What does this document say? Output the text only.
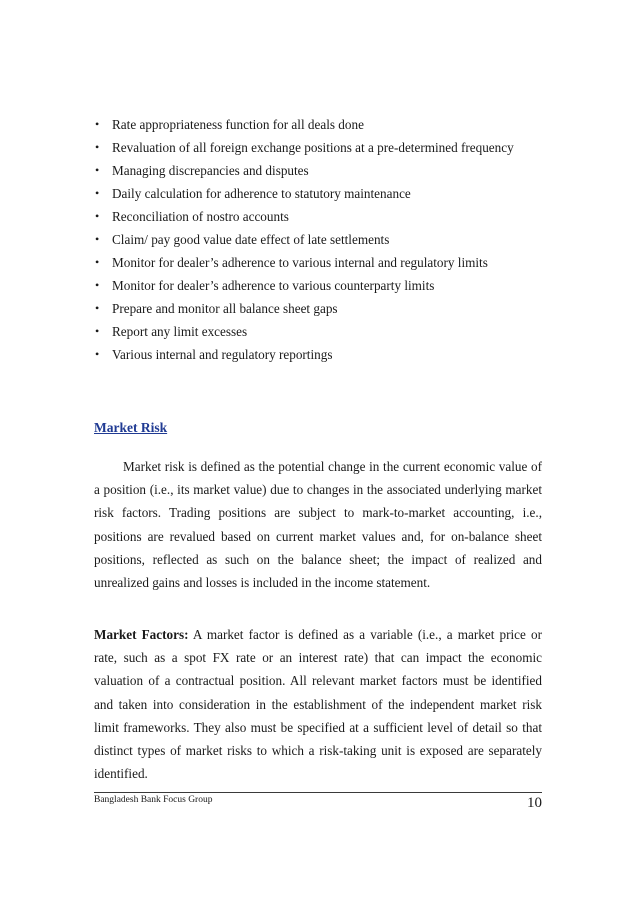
• Rate appropriateness function for all deals done
• Revaluation of all foreign exchange positions at a pre-determined frequency
• Managing discrepancies and disputes
• Daily calculation for adherence to statutory maintenance
• Reconciliation of nostro accounts
• Claim/ pay good value date effect of late settlements
• Monitor for dealer’s adherence to various internal and regulatory limits
• Monitor for dealer’s adherence to various counterparty limits
• Prepare and monitor all balance sheet gaps
• Report any limit excesses
• Various internal and regulatory reportings
Market Risk

Market risk is defined as the potential change in the current economic value of a position (i.e., its market value) due to changes in the associated underlying market risk factors. Trading positions are subject to mark-to-market accounting, i.e., positions are revalued based on current market values and, for on-balance sheet positions, reflected as such on the balance sheet; the impact of realized and unrealized gains and losses is included in the income statement.

Market Factors: A market factor is defined as a variable (i.e., a market price or rate, such as a spot FX rate or an interest rate) that can impact the economic valuation of a contractual position. All relevant market factors must be identified and taken into consideration in the establishment of the independent market risk limit frameworks. They also must be specified at a sufficient level of detail so that distinct types of market risks to which a risk-taking unit is exposed are separately identified.

Bangladesh Bank Focus Group	10
